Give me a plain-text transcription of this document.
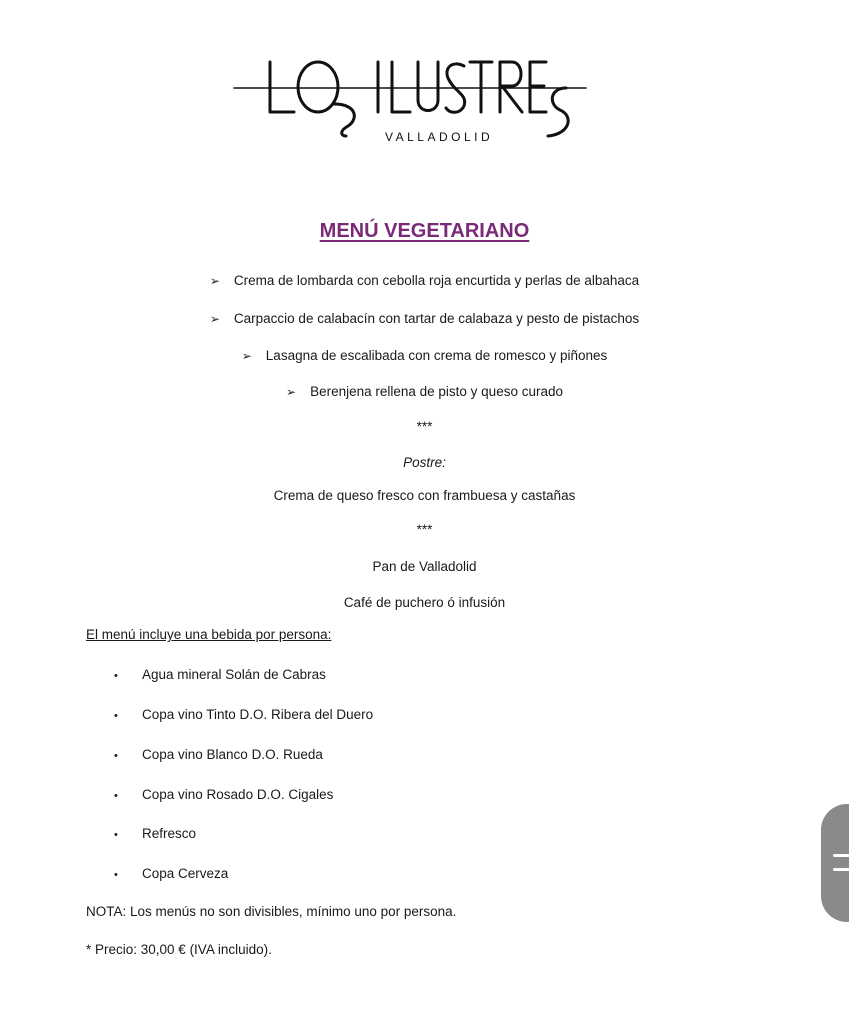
VALLADOLID
MENÚ VEGETARIANO
➢ Crema de lombarda con cebolla roja encurtida y perlas de albahaca
➢ Carpaccio de calabacín con tartar de calabaza y pesto de pistachos
➢ Lasagna de escalibada con crema de romesco y piñones
➢ Berenjena rellena de pisto y queso curado
***
Postre:
Crema de queso fresco con frambuesa y castañas
***
Pan de Valladolid
Café de puchero ó infusión
El menú incluye una bebida por persona:
• Agua mineral Solán de Cabras
• Copa vino Tinto D.O. Ribera del Duero
• Copa vino Blanco D.O. Rueda
• Copa vino Rosado D.O. Cigales
• Refresco
• Copa Cerveza
NOTA: Los menús no son divisibles, mínimo uno por persona.
* Precio: 30,00 € (IVA incluido).
